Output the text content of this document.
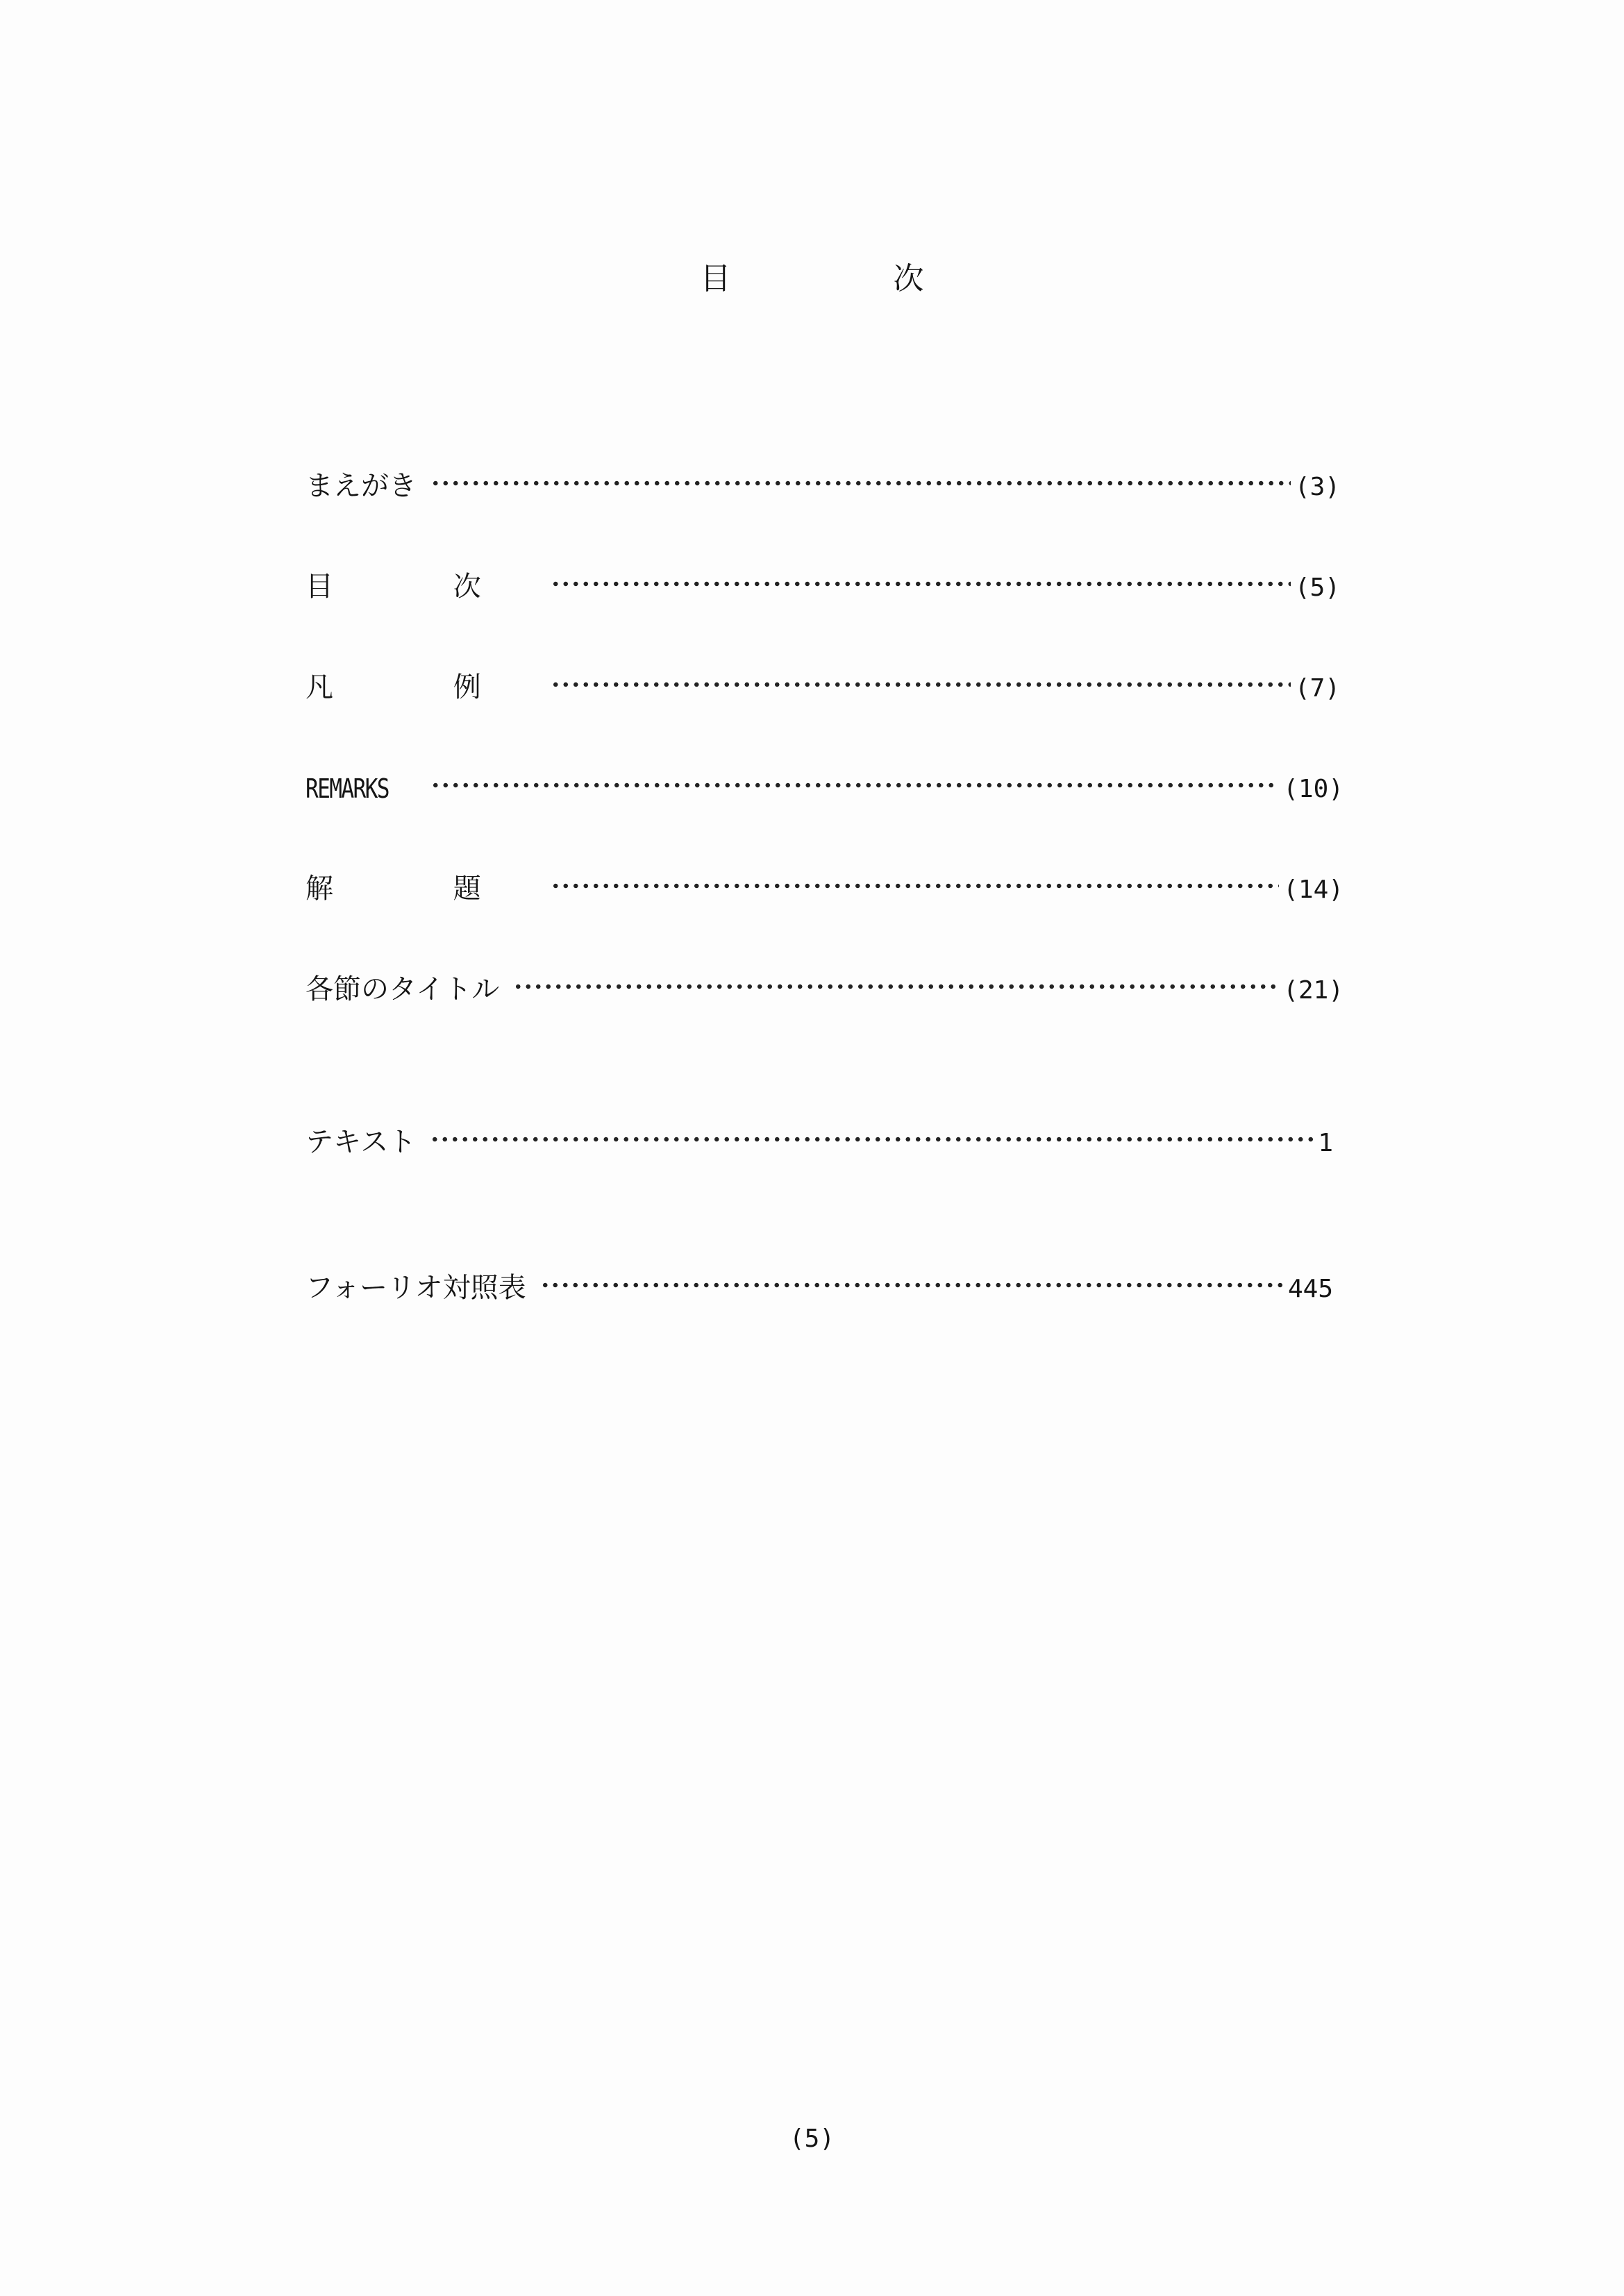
目 次
まえがき	(3)
目 次	(5)
凡 例	(7)
REMARKS	(10)
解 題	(14)
各節のタイトル	(21)
テキスト	1
フォーリオ対照表	445
(5)
